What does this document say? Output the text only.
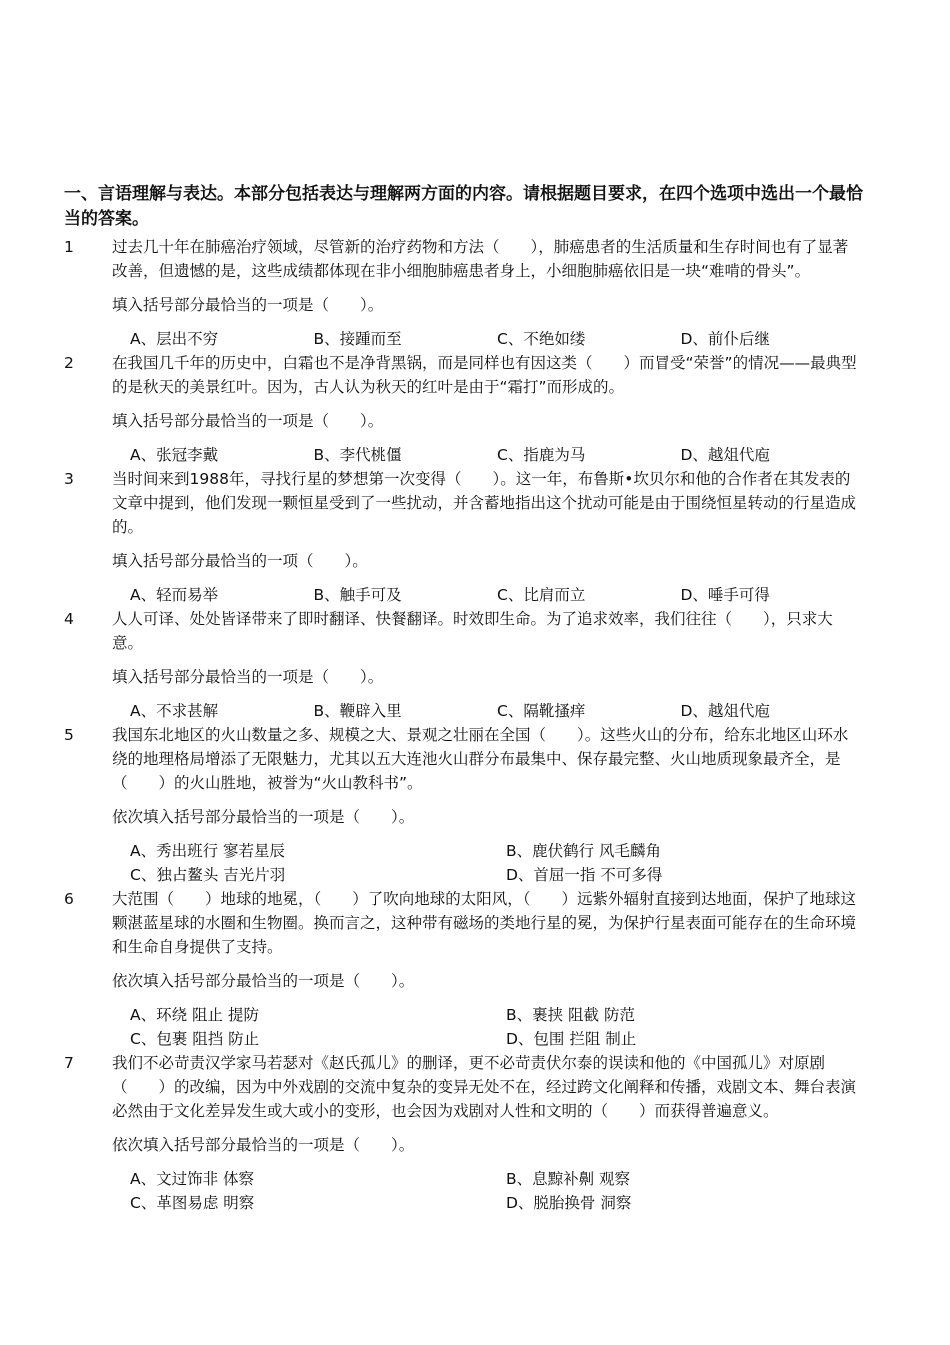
一、言语理解与表达。本部分包括表达与理解两方面的内容。请根据题目要求，在四个选项中选出一个最恰当的答案。
1	过去几十年在肺癌治疗领域，尽管新的治疗药物和方法（　　），肺癌患者的生活质量和生存时间也有了显著改善，但遗憾的是，这些成绩都体现在非小细胞肺癌患者身上，小细胞肺癌依旧是一块“难啃的骨头”。
填入括号部分最恰当的一项是（　　）。
A、层出不穷	B、接踵而至	C、不绝如缕	D、前仆后继
2	在我国几千年的历史中，白霜也不是净背黑锅，而是同样也有因这类（　　）而冒受“荣誉”的情况——最典型的是秋天的美景红叶。因为，古人认为秋天的红叶是由于“霜打”而形成的。
填入括号部分最恰当的一项是（　　）。
A、张冠李戴	B、李代桃僵	C、指鹿为马	D、越俎代庖
3	当时间来到1988年，寻找行星的梦想第一次变得（　　）。这一年，布鲁斯•坎贝尔和他的合作者在其发表的文章中提到，他们发现一颗恒星受到了一些扰动，并含蓄地指出这个扰动可能是由于围绕恒星转动的行星造成的。
填入括号部分最恰当的一项（　　）。
A、轻而易举	B、触手可及	C、比肩而立	D、唾手可得
4	人人可译、处处皆译带来了即时翻译、快餐翻译。时效即生命。为了追求效率，我们往往（　　），只求大意。
填入括号部分最恰当的一项是（　　）。
A、不求甚解	B、鞭辟入里	C、隔靴搔痒	D、越俎代庖
5	我国东北地区的火山数量之多、规模之大、景观之壮丽在全国（　　）。这些火山的分布，给东北地区山环水绕的地理格局增添了无限魅力，尤其以五大连池火山群分布最集中、保存最完整、火山地质现象最齐全，是（　　）的火山胜地，被誉为“火山教科书”。
依次填入括号部分最恰当的一项是（　　）。
A、秀出班行 寥若星辰	B、鹿伏鹤行 风毛麟角
C、独占鳌头 吉光片羽	D、首屈一指 不可多得
6	大范围（　　）地球的地冕，（　　）了吹向地球的太阳风，（　　）远紫外辐射直接到达地面，保护了地球这颗湛蓝星球的水圈和生物圈。换而言之，这种带有磁场的类地行星的冕，为保护行星表面可能存在的生命环境和生命自身提供了支持。
依次填入括号部分最恰当的一项是（　　）。
A、环绕 阻止 提防	B、裹挟 阻截 防范
C、包裹 阻挡 防止	D、包围 拦阻 制止
7	我们不必苛责汉学家马若瑟对《赵氏孤儿》的删译，更不必苛责伏尔泰的误读和他的《中国孤儿》对原剧（　　）的改编，因为中外戏剧的交流中复杂的变异无处不在，经过跨文化阐释和传播，戏剧文本、舞台表演必然由于文化差异发生或大或小的变形，也会因为戏剧对人性和文明的（　　）而获得普遍意义。
依次填入括号部分最恰当的一项是（　　）。
A、文过饰非 体察	B、息黥补劓 观察
C、革图易虑 明察	D、脱胎换骨 洞察
